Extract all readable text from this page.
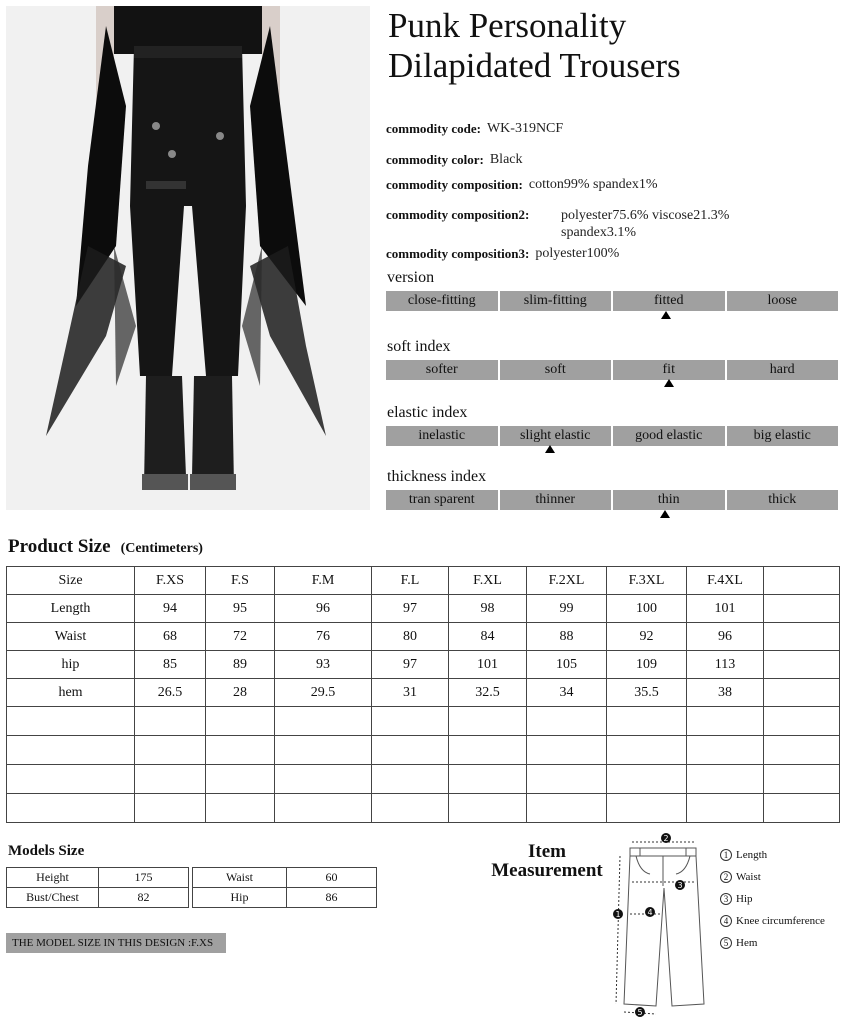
Punk Personality
Dilapidated Trousers
commodity code: WK-319NCF
commodity color: Black
commodity composition: cotton99% spandex1%
commodity composition2: polyester75.6% viscose21.3% spandex3.1%
commodity composition3: polyester100%
version
close-fitting	slim-fitting	fitted	loose
soft index
softer	soft	fit	hard
elastic index
inelastic	slight elastic	good elastic	big elastic
thickness index
tran sparent	thinner	thin	thick
Product Size (Centimeters)
Size	F.XS	F.S	F.M	F.L	F.XL	F.2XL	F.3XL	F.4XL	
Length	94	95	96	97	98	99	100	101	
Waist	68	72	76	80	84	88	92	96	
hip	85	89	93	97	101	105	109	113	
hem	26.5	28	29.5	31	32.5	34	35.5	38	

Models Size
Height	175		Waist	60
Bust/Chest	82		Hip	86
THE MODEL SIZE IN THIS DESIGN :F.XS
Item
Measurement
2
3
4
1
5
1 Length
2 Waist
3 Hip
4 Knee circumference
5 Hem
